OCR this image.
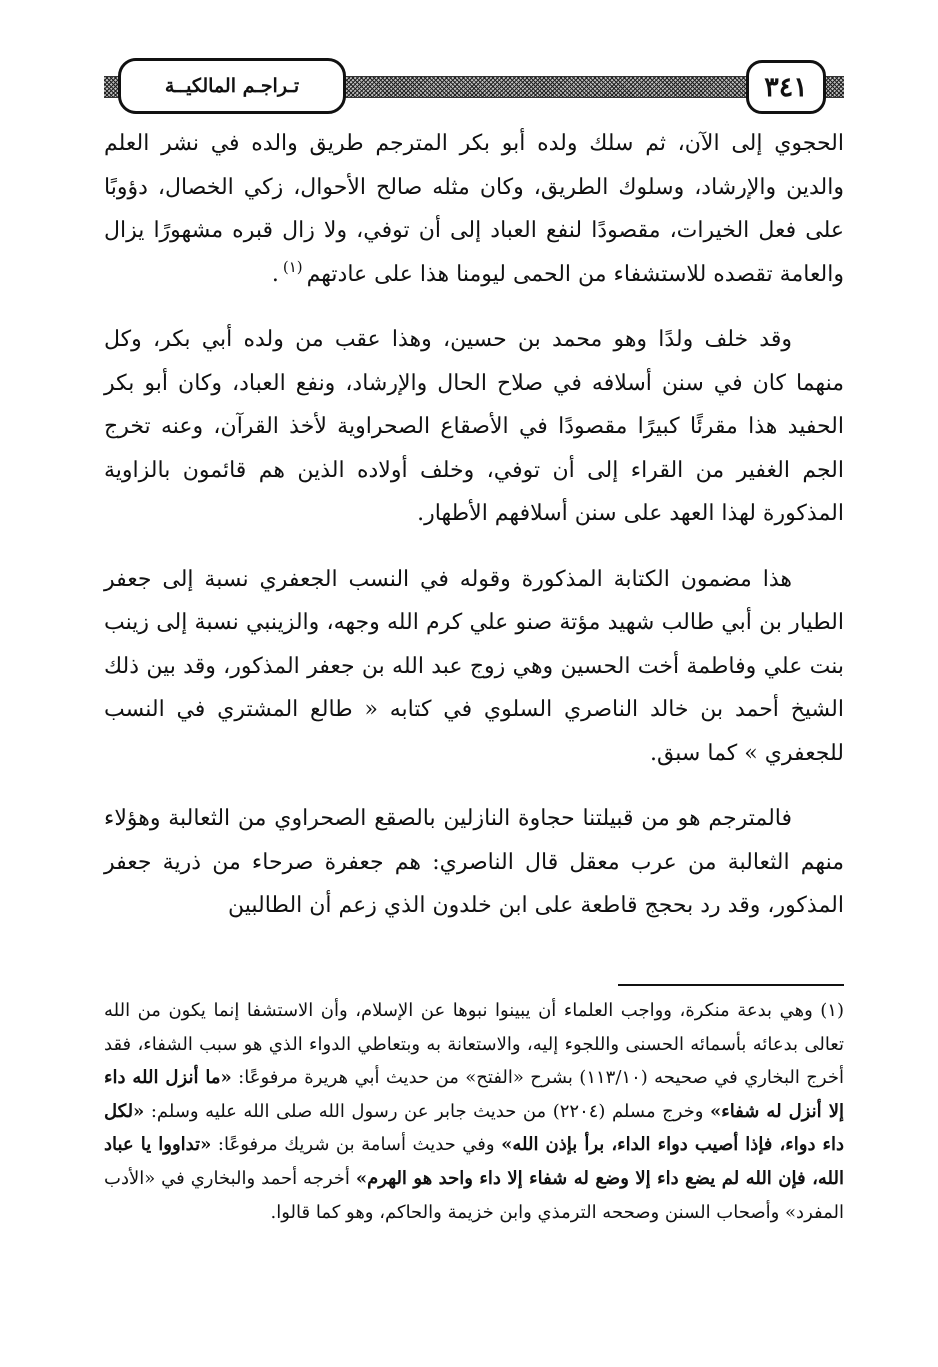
٣٤١
تـراجـم المالكيــة

الحجوي إلى الآن، ثم سلك ولده أبو بكر المترجم طريق والده في نشر العلم والدين والإرشاد، وسلوك الطريق، وكان مثله صالح الأحوال، زكي الخصال، دؤوبًا على فعل الخيرات، مقصودًا لنفع العباد إلى أن توفي، ولا زال قبره مشهورًا يزال والعامة تقصده للاستشفاء من الحمى ليومنا هذا على عادتهم$^{(١)}$.

وقد خلف ولدًا وهو محمد بن حسين، وهذا عقب من ولده أبي بكر، وكل منهما كان في سنن أسلافه في صلاح الحال والإرشاد، ونفع العباد، وكان أبو بكر الحفيد هذا مقرئًا كبيرًا مقصودًا في الأصقاع الصحراوية لأخذ القرآن، وعنه تخرج الجم الغفير من القراء إلى أن توفي، وخلف أولاده الذين هم قائمون بالزاوية المذكورة لهذا العهد على سنن أسلافهم الأطهار.

هذا مضمون الكتابة المذكورة وقوله في النسب الجعفري نسبة إلى جعفر الطيار بن أبي طالب شهيد مؤتة صنو علي كرم الله وجهه، والزينبي نسبة إلى زينب بنت علي وفاطمة أخت الحسين وهي زوج عبد الله بن جعفر المذكور، وقد بين ذلك الشيخ أحمد بن خالد الناصري السلوي في كتابه « طالع المشتري في النسب للجعفري » كما سبق.

فالمترجم هو من قبيلتنا حجاوة النازلين بالصقع الصحراوي من الثعالبة وهؤلاء منهم الثعالبة من عرب معقل قال الناصري: هم جعفرة صرحاء من ذرية جعفر المذكور، وقد رد بحجج قاطعة على ابن خلدون الذي زعم أن الطالبين

(١) وهي بدعة منكرة، وواجب العلماء أن يبينوا نبوها عن الإسلام، وأن الاستشفا إنما يكون من الله تعالى بدعائه بأسمائه الحسنى واللجوء إليه، والاستعانة به وبتعاطي الدواء الذي هو سبب الشفاء، فقد أخرج البخاري في صحيحه (١١٣/١٠) بشرح «الفتح» من حديث أبي هريرة مرفوعًا: «ما أنزل الله داء إلا أنزل له شفاء» وخرج مسلم (٢٢٠٤) من حديث جابر عن رسول الله صلى الله عليه وسلم: «لكل داء دواء، فإذا أصيب دواء الداء، برأ بإذن الله» وفي حديث أسامة بن شريك مرفوعًا: «تداووا يا عباد الله، فإن الله لم يضع داء إلا وضع له شفاء إلا داء واحد هو الهرم» أخرجه أحمد والبخاري في «الأدب المفرد» وأصحاب السنن وصححه الترمذي وابن خزيمة والحاكم، وهو كما قالوا.
